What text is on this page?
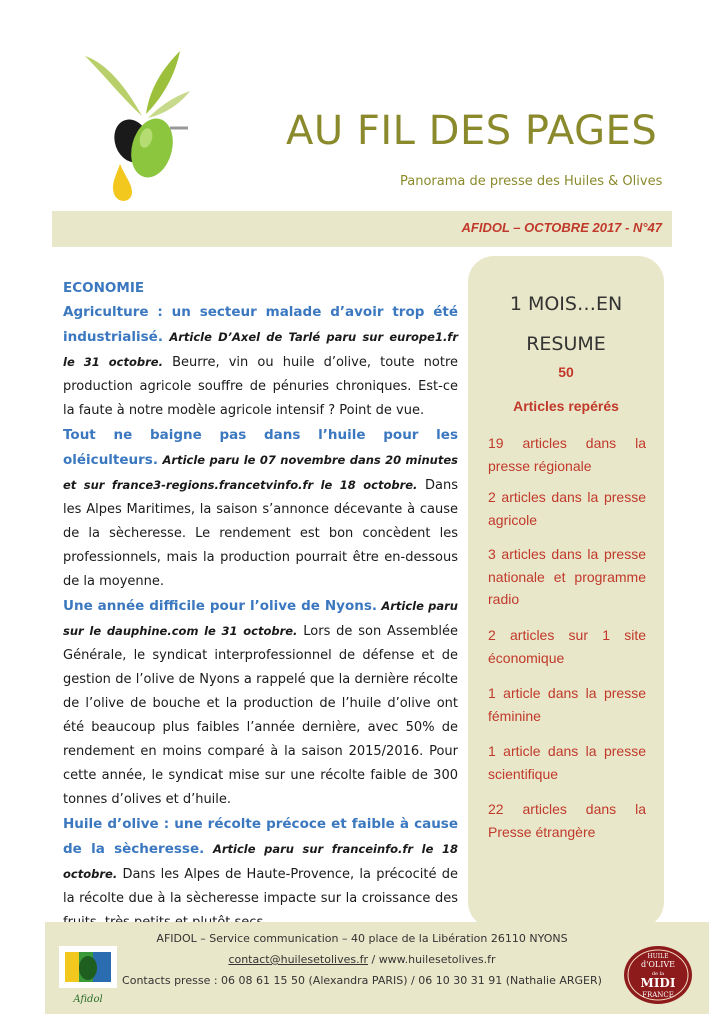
AU FIL DES PAGES
Panorama de presse des Huiles & Olives
AFIDOL – OCTOBRE 2017 - N°47

ECONOMIE

Agriculture : un secteur malade d’avoir trop été industrialisé. Article D’Axel de Tarlé paru sur europe1.fr le 31 octobre. Beurre, vin ou huile d’olive, toute notre production agricole souffre de pénuries chroniques. Est-ce la faute à notre modèle agricole intensif ? Point de vue.

Tout ne baigne pas dans l’huile pour les oléiculteurs. Article paru le 07 novembre dans 20 minutes et sur france3-regions.francetvinfo.fr le 18 octobre. Dans les Alpes Maritimes, la saison s’annonce décevante à cause de la sècheresse. Le rendement est bon concèdent les professionnels, mais la production pourrait être en-dessous de la moyenne.

Une année difficile pour l’olive de Nyons. Article paru sur le dauphine.com le 31 octobre. Lors de son Assemblée Générale, le syndicat interprofessionnel de défense et de gestion de l’olive de Nyons a rappelé que la dernière récolte de l’olive de bouche et la production de l’huile d’olive ont été beaucoup plus faibles l’année dernière, avec 50% de rendement en moins comparé à la saison 2015/2016. Pour cette année, le syndicat mise sur une récolte faible de 300 tonnes d’olives et d’huile.

Huile d’olive : une récolte précoce et faible à cause de la sècheresse. Article paru sur franceinfo.fr le 18 octobre. Dans les Alpes de Haute-Provence, la précocité de la récolte due à la sècheresse impacte sur la croissance des

1 MOIS…EN
RESUME
50
Articles repérés
19 articles dans la presse régionale
2 articles dans la presse agricole
3 articles dans la presse nationale et programme radio
2 articles sur 1 site économique
1 article dans la presse féminine
1 article dans la presse scientifique
22 articles dans la Presse étrangère
AFIDOL – Service communication – 40 place de la Libération 26110 NYONS
contact@huilesetolives.fr / www.huilesetolives.fr
Contacts presse : 06 08 61 15 50 (Alexandra PARIS) / 06 10 30 31 91 (Nathalie ARGER)
Afidol
HUILE
d'OLIVE
de la
MIDI
FRANCE
